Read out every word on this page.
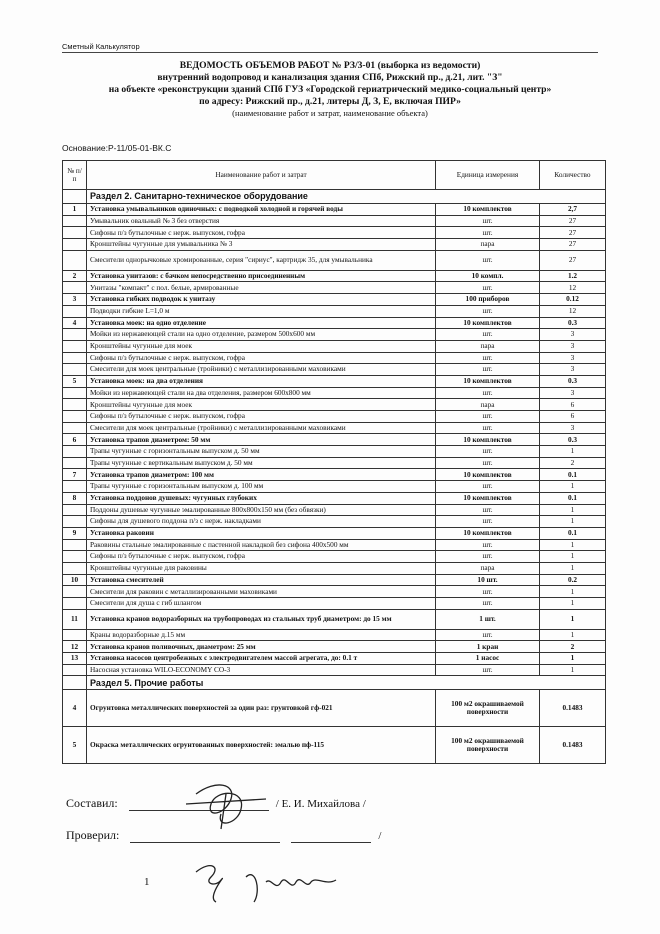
Сметный Калькулятор
ВЕДОМОСТЬ ОБЪЕМОВ РАБОТ № РЗ/3-01 (выборка из ведомости)
внутренний водопровод и канализация здания СПб, Рижский пр., д.21, лит. "З"
на объекте «реконструкции зданий СПб ГУЗ «Городской гериатрический медико-социальный центр»
по адресу: Рижский пр., д.21, литеры Д, З, Е, включая ПИР»
(наименование работ и затрат, наименование объекта)
Основание:Р-11/05-01-ВК.С
№ п/п	Наименование работ и затрат	Единица измерения	Количество
	Раздел 2. Санитарно-техническое оборудование		
1	Установка умывальников одиночных: с подводкой холодной и горячей воды	10 комплектов	2,7
	Умывальник овальный № 3 без отверстия	шт.	27
	Сифоны п/з бутылочные с нерж. выпуском, гофра	шт.	27
	Кронштейны чугунные для умывальника № 3	пара	27
	Смесители однорычковые хромированные, серия "сириус", картридж 35, для умывальника	шт.	27
2	Установка унитазов: с бачком непосредственно присоединенным	10 компл.	1.2
	Унитазы "компакт" с пол. белые, армированные	шт.	12
3	Установка гибких подводок к унитазу	100 приборов	0.12
	Подводки гибкие L=1,0 м	шт.	12
4	Установка моек: на одно отделение	10 комплектов	0.3
	Мойки из нержавеющей стали на одно отделение, размером 500х600 мм	шт.	3
	Кронштейны чугунные для моек	пара	3
	Сифоны п/з бутылочные с нерж. выпуском, гофра	шт.	3
	Смесители для моек центральные (тройники) с металлизированными маховиками	шт.	3
5	Установка моек: на два отделения	10 комплектов	0.3
	Мойки из нержавеющей стали на два отделения, размером 600х800 мм	шт.	3
	Кронштейны чугунные для моек	пара	6
	Сифоны п/з бутылочные с нерж. выпуском, гофра	шт.	6
	Смесители для моек центральные (тройники) с металлизированными маховиками	шт.	3
6	Установка трапов диаметром: 50 мм	10 комплектов	0.3
	Трапы чугунные с горизонтальным выпуском д. 50 мм	шт.	1
	Трапы чугунные с вертикальным выпуском д. 50 мм	шт.	2
7	Установка трапов диаметром: 100 мм	10 комплектов	0.1
	Трапы чугунные с горизонтальным выпуском д. 100 мм	шт.	1
8	Установка поддонов душевых: чугунных глубоких	10 комплектов	0.1
	Поддоны душевые чугунные эмалированные 800х800х150 мм (без обвязки)	шт.	1
	Сифоны для душевого поддона п/з с нерж. накладками	шт.	1
9	Установка раковин	10 комплектов	0.1
	Раковины стальные эмалированные с пастенной накладкой без сифона 400х500 мм	шт.	1
	Сифоны п/з бутылочные с нерж. выпуском, гофра	шт.	1
	Кронштейны чугунные для раковины	пара	1
10	Установка смесителей	10 шт.	0.2
	Смесители для раковин с металлизированными маховиками	шт.	1
	Смесители для душа с гиб шлангом	шт.	1
11	Установка кранов водоразборных на трубопроводах из стальных труб диаметром: до 15 мм	1 шт.	1
	Краны водоразборные д.15 мм	шт.	1
12	Установка кранов поливочных, диаметром: 25 мм	1 кран	2
13	Установка насосов центробежных с электродвигателем массой агрегата, до: 0.1 т	1 насос	1
	Насосная установка WILO-ECONOMY CO-3	шт.	1
	Раздел 5. Прочие работы		
4	Огрунтовка металлических поверхностей за один раз: грунтовкой гф-021	100 м2 окрашиваемой поверхности	0.1483
5	Окраска металлических огрунтованных поверхностей: эмалью пф-115	100 м2 окрашиваемой поверхности	0.1483
Составил:	/ Е. И. Михайлова /
Проверил:	/
1
